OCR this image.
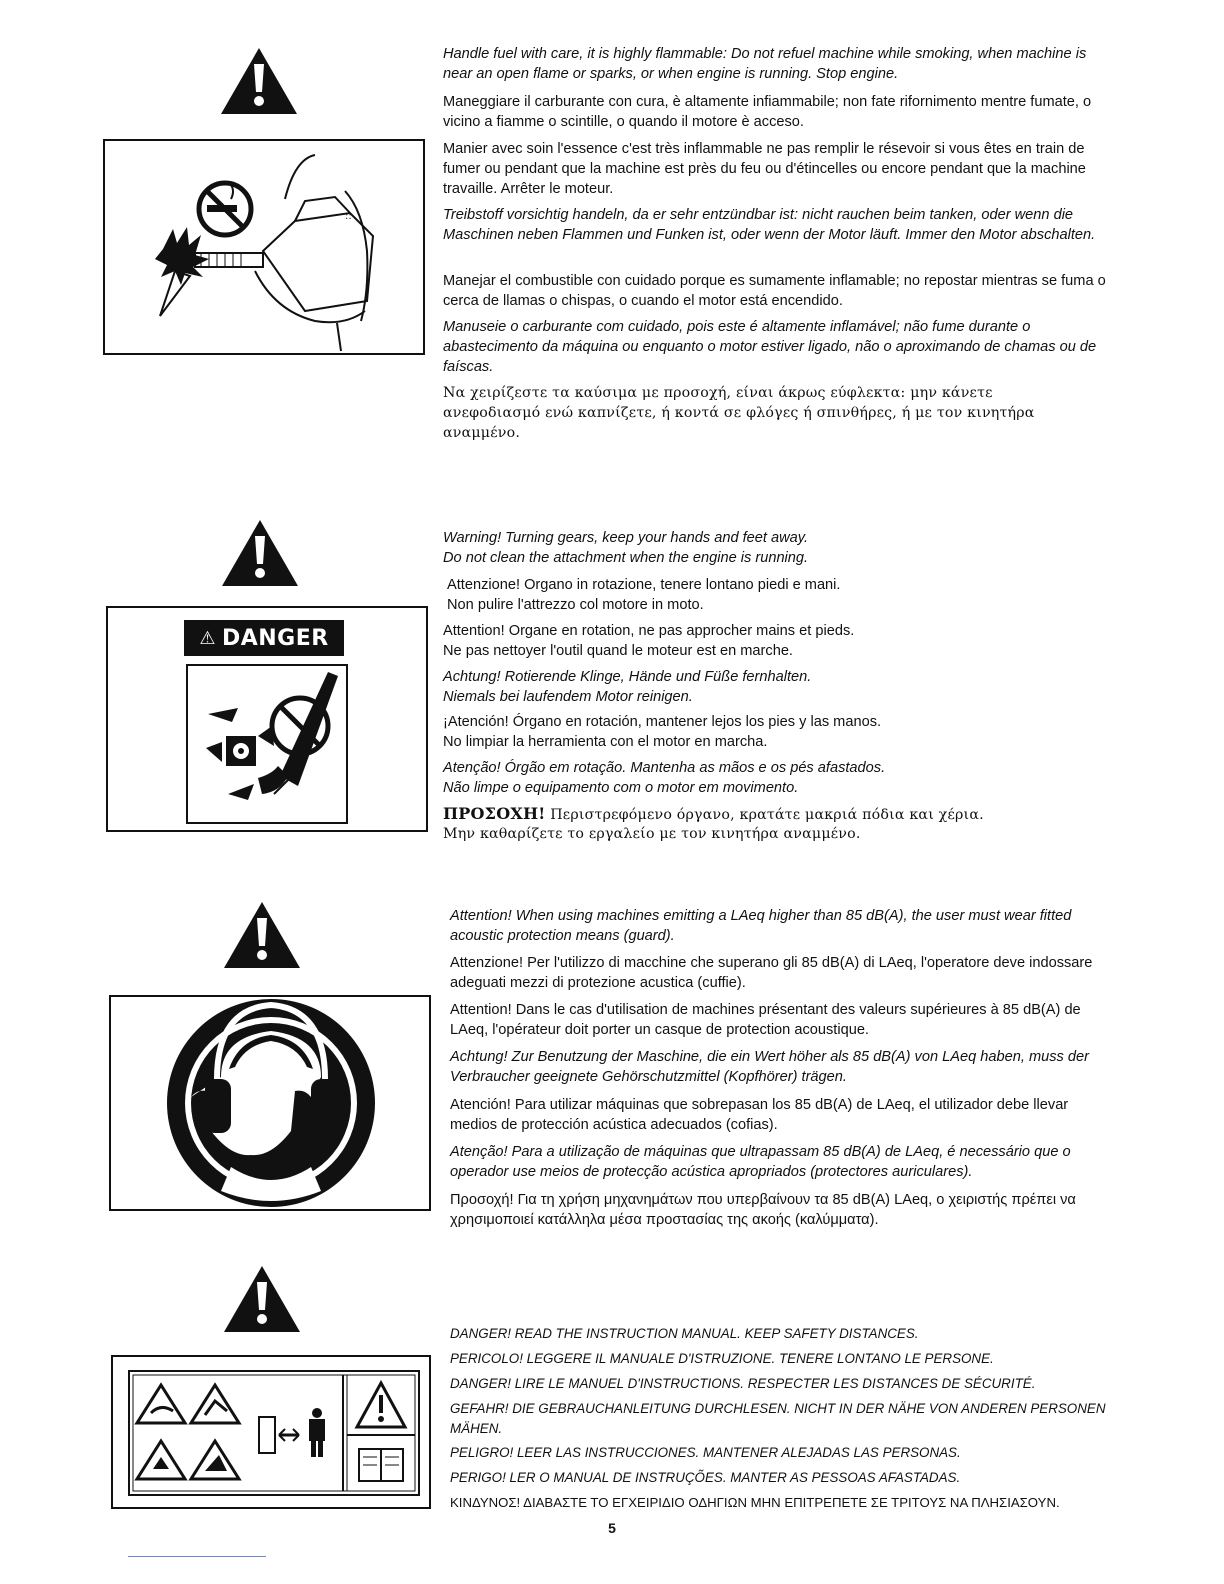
::

Handle fuel with care, it is highly flammable: Do not refuel machine while smoking, when machine is near an open flame or sparks, or when engine is running. Stop engine.

Maneggiare il carburante con cura, è altamente infiammabile; non fate rifornimento mentre fumate, o vicino a fiamme o scintille, o quando il motore è acceso.

Manier avec soin l'essence c'est très inflammable ne pas remplir le résevoir si vous êtes en train de fumer ou pendant que la machine est près du feu ou d'étincelles ou encore pendant que la machine travaille. Arrêter le moteur.

Treibstoff vorsichtig handeln, da er sehr entzündbar ist: nicht rauchen beim tanken, oder wenn die Maschinen neben Flammen und Funken ist, oder wenn der Motor läuft. Immer den Motor abschalten.

Manejar el combustible con cuidado porque es sumamente inflamable; no repostar mientras se fuma o cerca de llamas o chispas, o cuando el motor está encendido.

Manuseie o carburante com cuidado, pois este é altamente inflamável; não fume durante o abastecimento da máquina ou enquanto o motor estiver ligado, não o aproximando de chamas ou de faíscas.

Να χειρίζεστε τα καύσιμα με προσοχή, είναι άκρως εύφλεκτα: μην κάνετε ανεφοδιασμό ενώ καπνίζετε, ή κοντά σε φλόγες ή σπινθήρες, ή με τον κινητήρα αναμμένο.

⚠ DANGER

Warning! Turning gears, keep your hands and feet away.

Do not clean the attachment when the engine is running.

Attenzione! Organo in rotazione, tenere lontano piedi e mani.

Non pulire l'attrezzo col motore in moto.

Attention! Organe en rotation, ne pas approcher mains et pieds.

Ne pas nettoyer l'outil quand le moteur est en marche.

Achtung! Rotierende Klinge, Hände und Füße fernhalten.

Niemals bei laufendem Motor reinigen.

¡Atención! Órgano en rotación, mantener lejos los pies y las manos.

No limpiar la herramienta con el motor en marcha.

Atenção! Órgão em rotação. Mantenha as mãos e os pés afastados.

Não limpe o equipamento com o motor em movimento.

ΠΡΟΣΟΧΗ! Περιστρεφόμενο όργανο, κρατάτε μακριά πόδια και χέρια.

Μην καθαρίζετε το εργαλείο με τον κινητήρα αναμμένο.

Attention! When using machines emitting a LAeq higher than 85 dB(A), the user must wear fitted acoustic protection means (guard).

Attenzione! Per l'utilizzo di macchine che superano gli 85 dB(A) di LAeq, l'operatore deve indossare adeguati mezzi di protezione acustica (cuffie).

Attention! Dans le cas d'utilisation de machines présentant des valeurs supérieures à 85 dB(A) de LAeq, l'opérateur doit porter un casque de protection acoustique.

Achtung! Zur Benutzung der Maschine, die ein Wert höher als 85 dB(A) von LAeq haben, muss der Verbraucher geeignete Gehörschutzmittel (Kopfhörer) trägen.

Atención! Para utilizar máquinas que sobrepasan los 85 dB(A) de LAeq, el utilizador debe llevar medios de protección acústica adecuados (cofias).

Atenção! Para a utilização de máquinas que ultrapassam 85 dB(A) de LAeq, é necessário que o operador use meios de protecção acústica apropriados (protectores auriculares).

Προσοχή! Για τη χρήση μηχανημάτων που υπερβαίνουν τα 85 dB(A) LAeq, ο χειριστής πρέπει να χρησιμοποιεί κατάλληλα μέσα προστασίας της ακοής (καλύμματα).

DANGER! READ THE INSTRUCTION MANUAL. KEEP SAFETY DISTANCES.

PERICOLO! LEGGERE IL MANUALE D'ISTRUZIONE. TENERE LONTANO LE PERSONE.

DANGER! LIRE LE MANUEL D'INSTRUCTIONS. RESPECTER LES DISTANCES DE SÉCURITÉ.

GEFAHR! DIE GEBRAUCHANLEITUNG DURCHLESEN. NICHT IN DER NÄHE VON ANDEREN PERSONEN MÄHEN.

PELIGRO! LEER LAS INSTRUCCIONES. MANTENER ALEJADAS LAS PERSONAS.

PERIGO! LER O MANUAL DE INSTRUÇÕES. MANTER AS PESSOAS AFASTADAS.

ΚΙΝΔΥΝΟΣ! ΔΙΑΒΑΣΤΕ ΤΟ ΕΓΧΕΙΡΙΔΙΟ ΟΔΗΓΙΩΝ ΜΗΝ ΕΠΙΤΡΕΠΕΤΕ ΣΕ ΤΡΙΤΟΥΣ ΝΑ ΠΛΗΣΙΑΣΟΥΝ.

5
